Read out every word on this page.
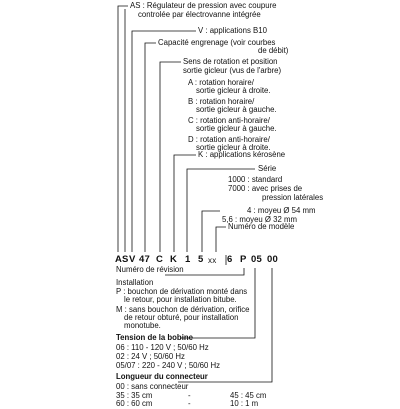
AS : Régulateur de pression avec coupure
controlée par électrovanne intégrée
V : applications B10
Capacité engrenage (voir courbes
de débit)
Sens de rotation et position
sortie gicleur (vus de l'arbre)
A : rotation horaire/
sortie gicleur à droite.
B : rotation horaire/
sortie gicleur à gauche.
C : rotation anti-horaire/
sortie gicleur à gauche.
D : rotation anti-horaire/
sortie gicleur à droite.
K : applications kérosène
Série
1000 : standard
7000 : avec prises de
pression latérales
4 : moyeu Ø 54 mm
5,6 : moyeu Ø 32 mm
Numéro de modèle
A S V 47 C K 1 5 xx 6 P 05 00
Numéro de révision
Installation
P : bouchon de dérivation monté dans
le retour, pour installation bitube.
M : sans bouchon de dérivation, orifice
de retour obturé, pour installation
monotube.
Tension de la bobine
06 : 110 - 120 V ; 50/60 Hz
02 : 24 V ; 50/60 Hz
05/07 : 220 - 240 V ; 50/60 Hz
Longueur du connecteur
00 : sans connecteur
35 : 35 cm	-	45 : 45 cm
60 : 60 cm	-	10 : 1 m
